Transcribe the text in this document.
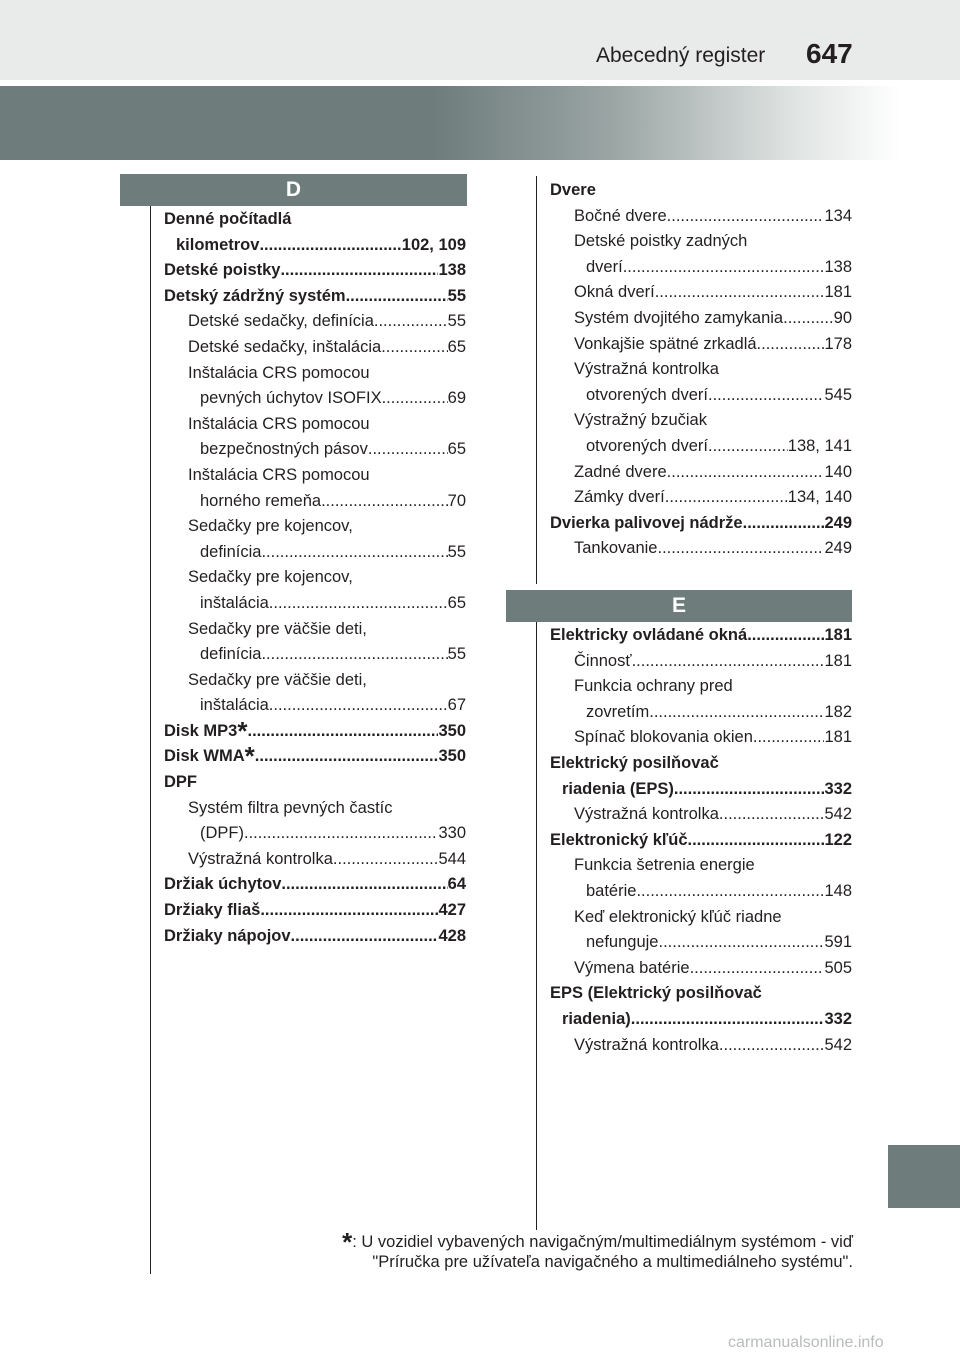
Abecedný register 647
D
Denné počítadlá
kilometrov .....	102, 109
Detské poistky .....	138
Detský zádržný systém .....	55
Detské sedačky, definícia .....	55
Detské sedačky, inštalácia .....	65
Inštalácia CRS pomocou
pevných úchytov ISOFIX .....	69
Inštalácia CRS pomocou
bezpečnostných pásov .....	65
Inštalácia CRS pomocou
horného remeňa .....	70
Sedačky pre kojencov,
definícia .....	55
Sedačky pre kojencov,
inštalácia .....	65
Sedačky pre väčšie deti,
definícia .....	55
Sedačky pre väčšie deti,
inštalácia .....	67
Disk MP3* .....	350
Disk WMA* .....	350
DPF
Systém filtra pevných častíc
(DPF) .....	330
Výstražná kontrolka .....	544
Držiak úchytov .....	64
Držiaky fliaš .....	427
Držiaky nápojov .....	428
Dvere
Bočné dvere .....	134
Detské poistky zadných
dverí .....	138
Okná dverí .....	181
Systém dvojitého zamykania .....	90
Vonkajšie spätné zrkadlá .....	178
Výstražná kontrolka
otvorených dverí .....	545
Výstražný bzučiak
otvorených dverí .....	138, 141
Zadné dvere .....	140
Zámky dverí .....	134, 140
Dvierka palivovej nádrže .....	249
Tankovanie .....	249
E
Elektricky ovládané okná .....	181
Činnosť .....	181
Funkcia ochrany pred
zovretím .....	182
Spínač blokovania okien .....	181
Elektrický posilňovač
riadenia (EPS) .....	332
Výstražná kontrolka .....	542
Elektronický kľúč .....	122
Funkcia šetrenia energie
batérie .....	148
Keď elektronický kľúč riadne
nefunguje .....	591
Výmena batérie .....	505
EPS (Elektrický posilňovač
riadenia) .....	332
Výstražná kontrolka .....	542
*: U vozidiel vybavených navigačným/multimediálnym systémom - viď
"Príručka pre užívateľa navigačného a multimediálneho systému".
carmanualsonline.info
